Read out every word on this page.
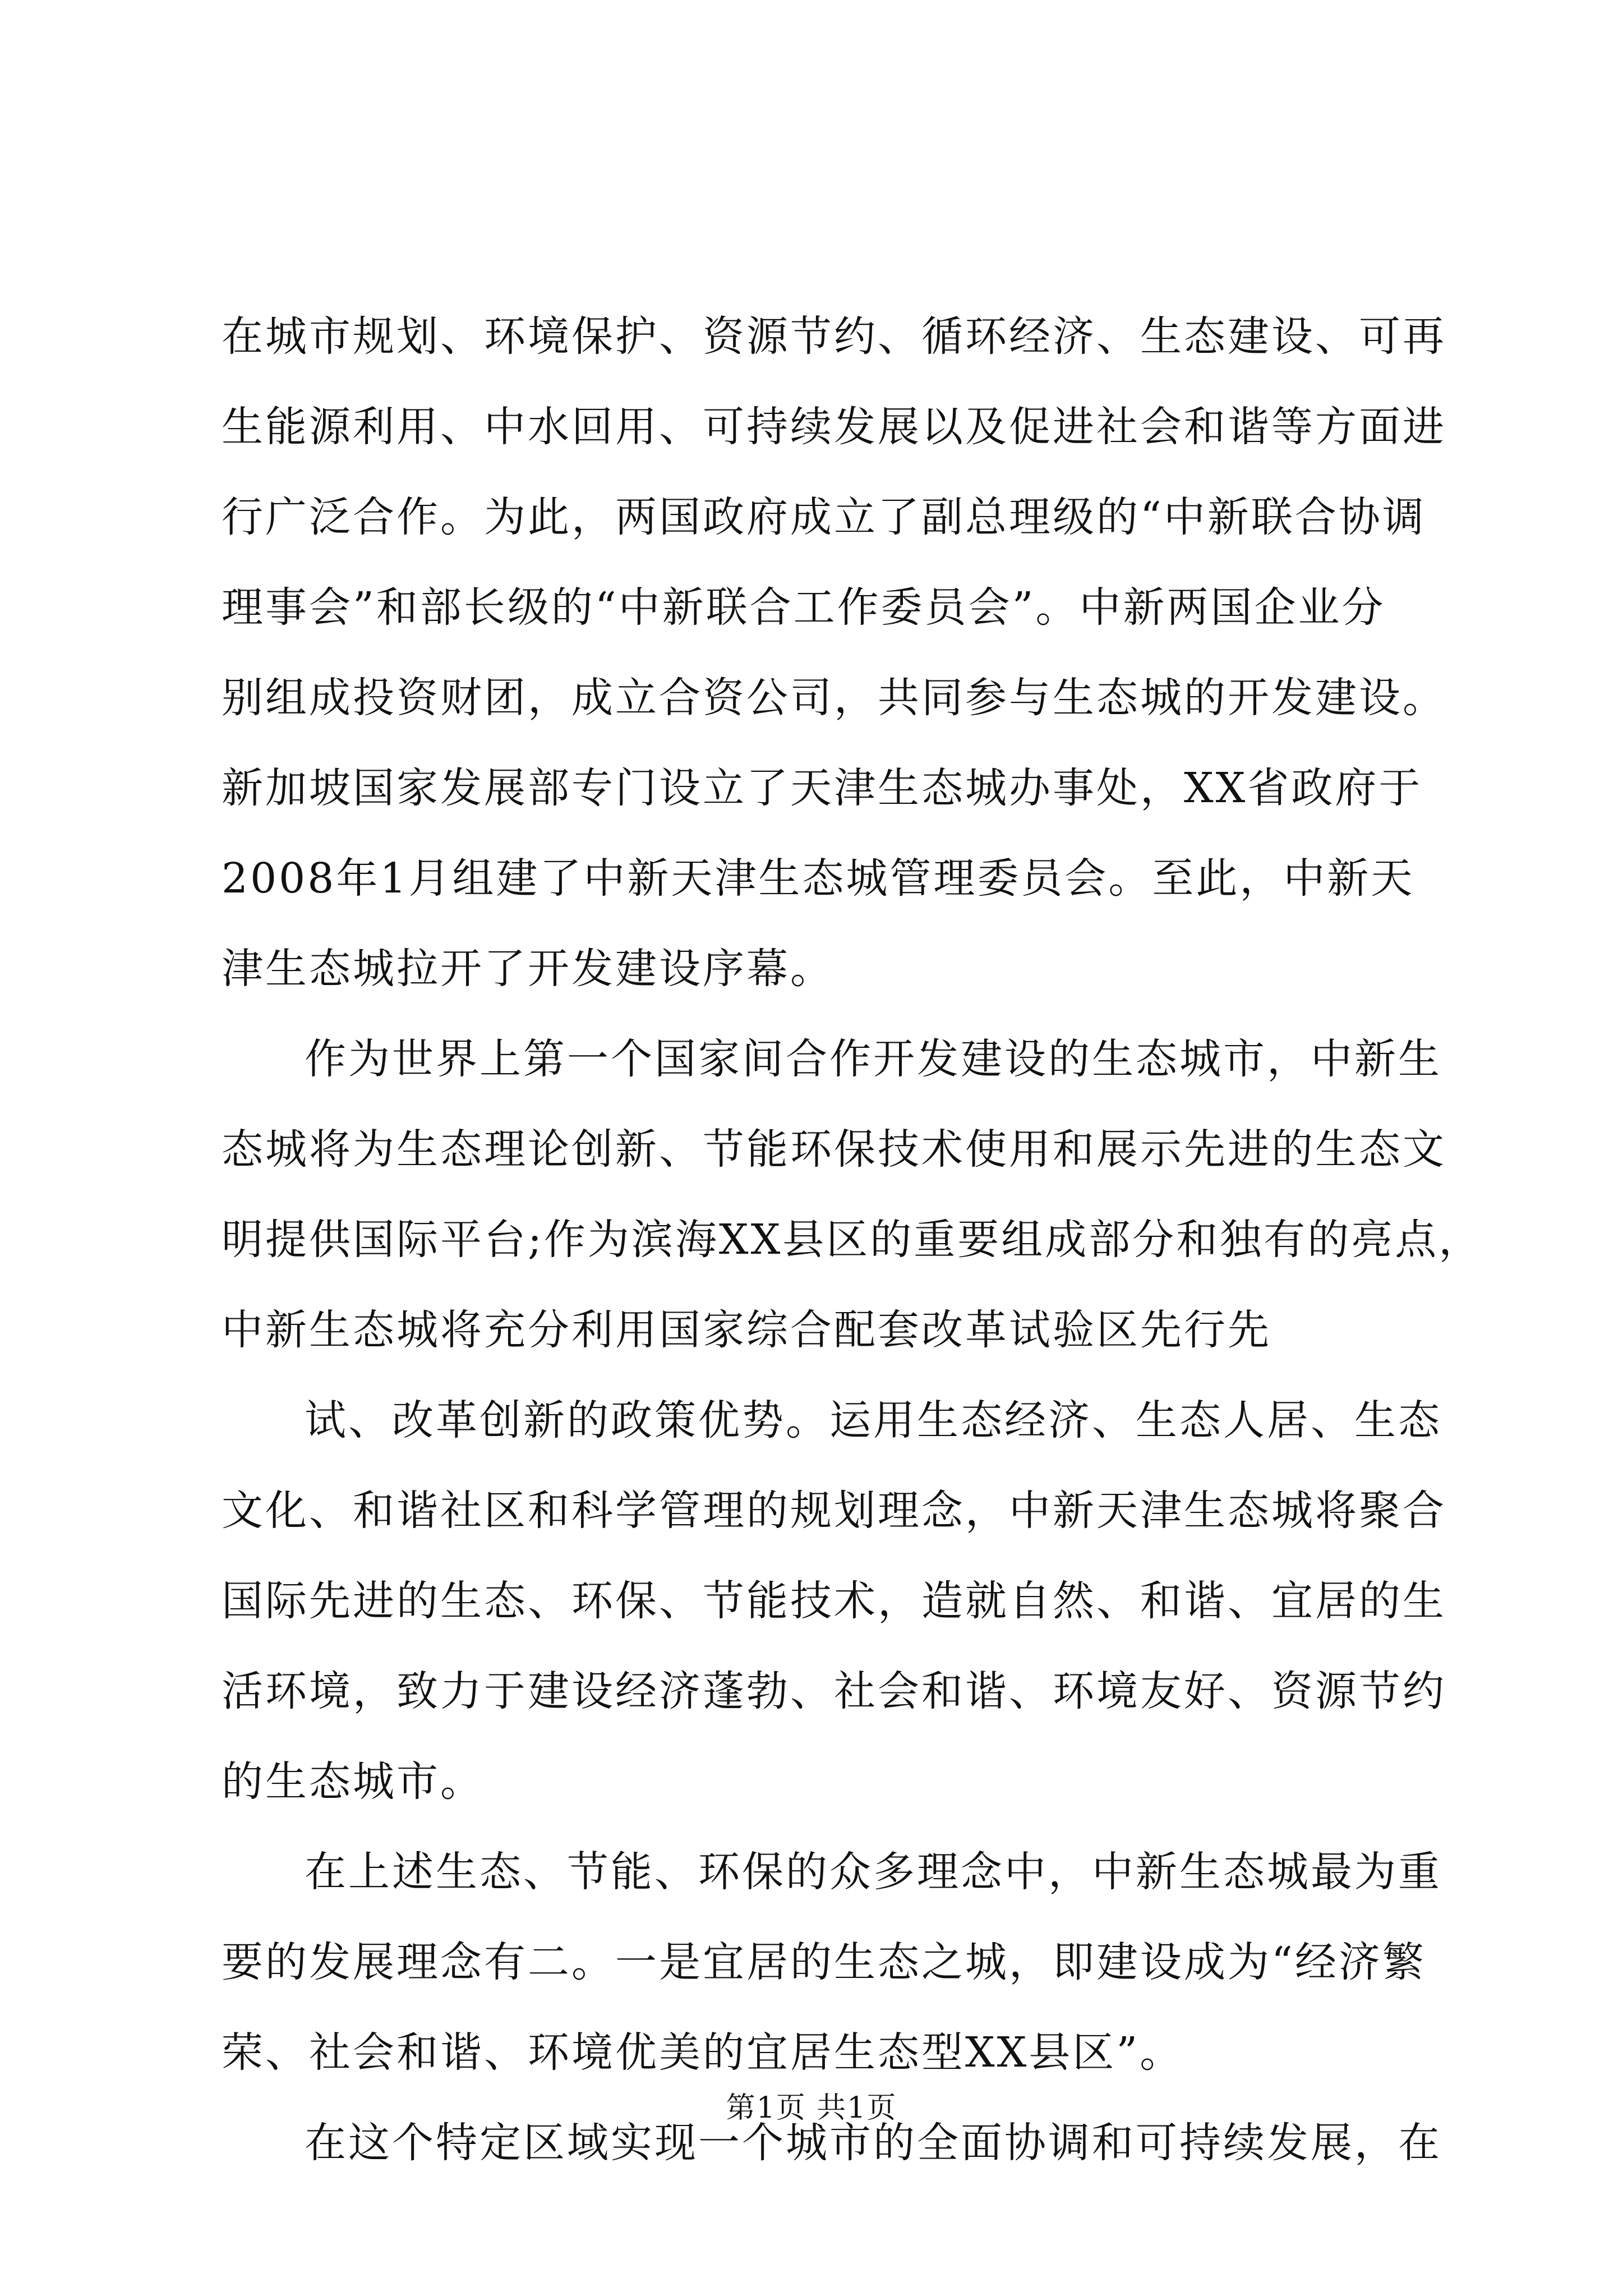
在城市规划、环境保护、资源节约、循环经济、生态建设、可再
生能源利用、中水回用、可持续发展以及促进社会和谐等方面进
行广泛合作。为此，两国政府成立了副总理级的“中新联合协调
理事会”和部长级的“中新联合工作委员会”。中新两国企业分
别组成投资财团，成立合资公司，共同参与生态城的开发建设。
新加坡国家发展部专门设立了天津生态城办事处，XX省政府于
2008年1月组建了中新天津生态城管理委员会。至此，中新天
津生态城拉开了开发建设序幕。

作为世界上第一个国家间合作开发建设的生态城市，中新生
态城将为生态理论创新、节能环保技术使用和展示先进的生态文
明提供国际平台;作为滨海XX县区的重要组成部分和独有的亮点，
中新生态城将充分利用国家综合配套改革试验区先行先

试、改革创新的政策优势。运用生态经济、生态人居、生态
文化、和谐社区和科学管理的规划理念，中新天津生态城将聚合
国际先进的生态、环保、节能技术，造就自然、和谐、宜居的生
活环境，致力于建设经济蓬勃、社会和谐、环境友好、资源节约
的生态城市。

在上述生态、节能、环保的众多理念中，中新生态城最为重
要的发展理念有二。一是宜居的生态之城，即建设成为“经济繁
荣、社会和谐、环境优美的宜居生态型XX县区”。

在这个特定区域实现一个城市的全面协调和可持续发展，在

第1页 共1页
